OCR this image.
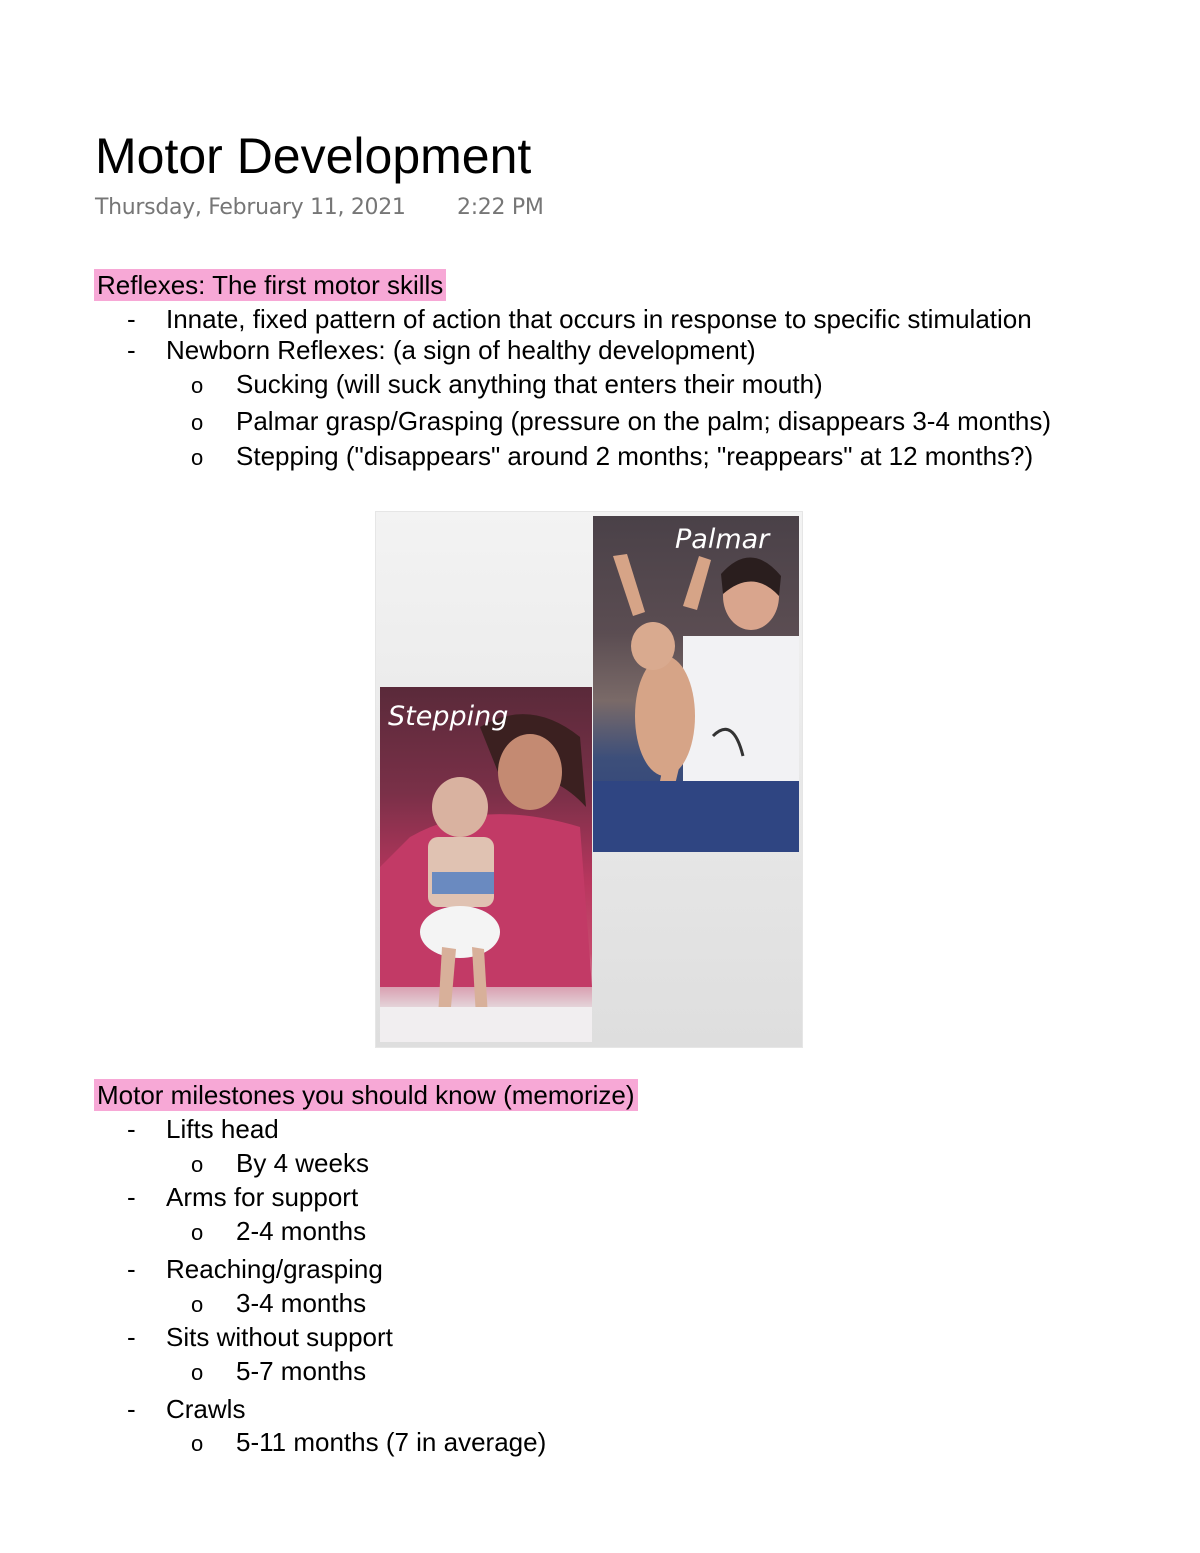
Motor Development
Thursday, February 11, 2021 2:22 PM
Reflexes: The first motor skills
- Innate, fixed pattern of action that occurs in response to specific stimulation
- Newborn Reflexes: (a sign of healthy development)
o Sucking (will suck anything that enters their mouth)
o Palmar grasp/Grasping (pressure on the palm; disappears 3-4 months)
o Stepping ("disappears" around 2 months; "reappears" at 12 months?)
Palmar
Stepping
Motor milestones you should know (memorize)
- Lifts head
o By 4 weeks
- Arms for support
o 2-4 months
- Reaching/grasping
o 3-4 months
- Sits without support
o 5-7 months
- Crawls
o 5-11 months (7 in average)
